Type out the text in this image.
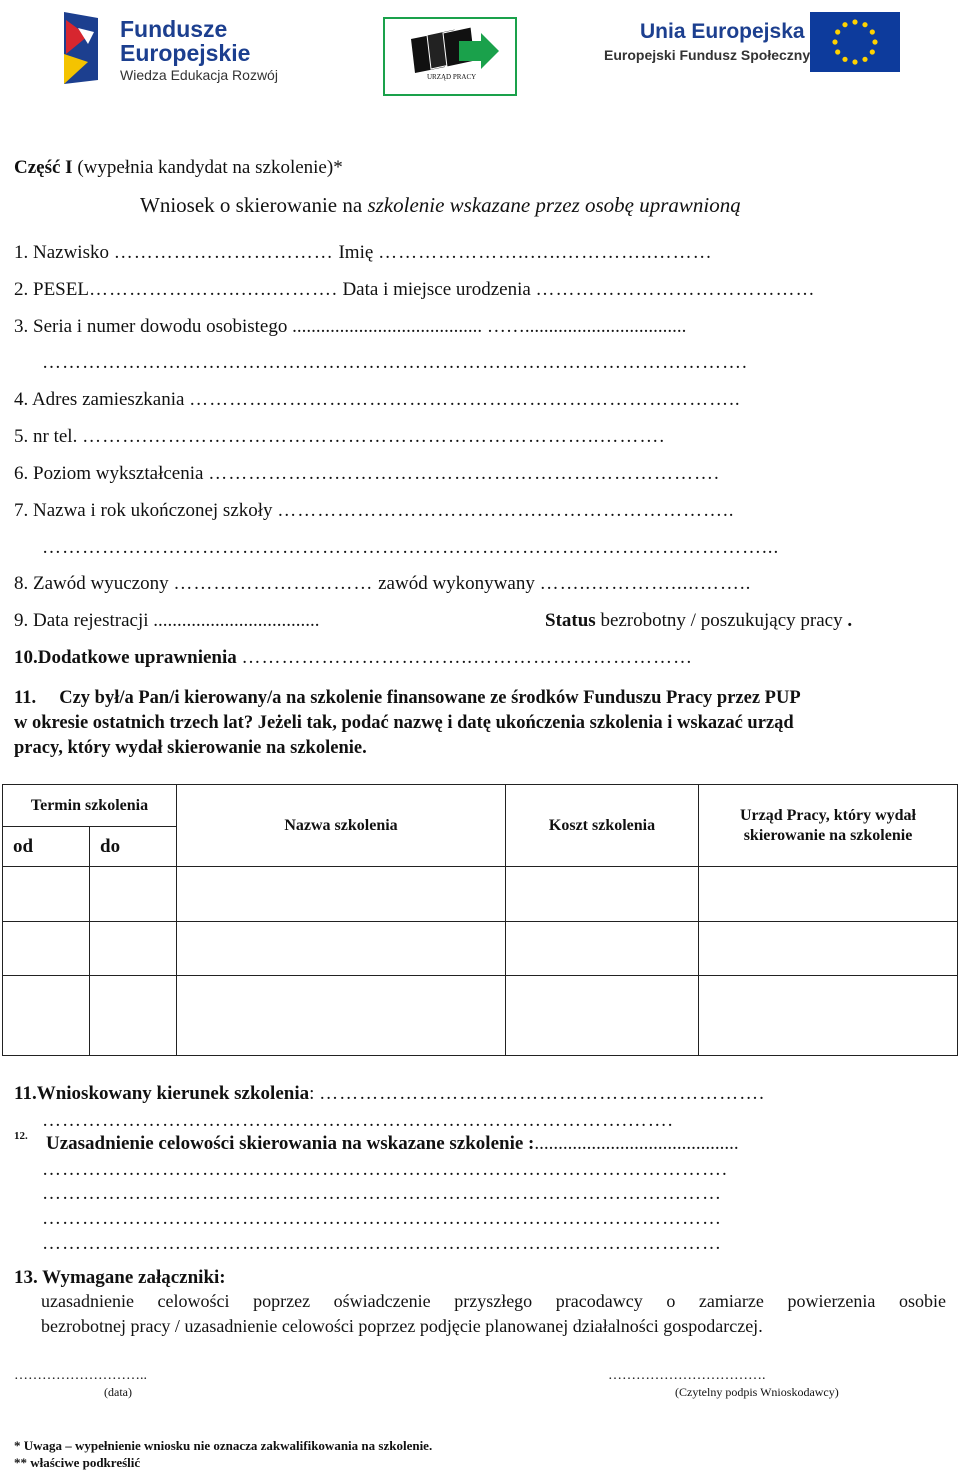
Fundusze
Europejskie
Wiedza Edukacja Rozwój	URZĄD PRACY
Unia Europejska
Europejski Fundusz Społeczny
Część I (wypełnia kandydat na szkolenie)*
Wniosek o skierowanie na szkolenie wskazane przez osobę uprawnioną
1. Nazwisko …………………………… Imię …………………..…..…………..………
2. PESEL…………………..…..………. Data i miejsce urodzenia ……………………………………
3. Seria i numer dowodu osobistego ........................................ ……..................................
…………………………………………………………………………………………….
4. Adres zamieszkania ………………………………………………………………………..
5. nr tel. ……….…………………………………………………………..……….
6. Poziom wykształcenia ……………….………………………………………………….
7. Nazwa i rok ukończonej szkoły ………………………………….………………………..
………………………………………………………………………………………………...
8. Zawód wyuczony ………………………… zawód wykonywany ……..………….....……..
9. Data rejestracji ...................................	Status bezrobotny / poszukujący pracy .
10.Dodatkowe uprawnienia ……………………………..……………………………
11. Czy był/a Pan/i kierowany/a na szkolenie finansowane ze środków Funduszu Pracy przez PUP
w okresie ostatnich trzech lat? Jeżeli tak, podać nazwę i datę ukończenia szkolenia i wskazać urząd
pracy, który wydał skierowanie na szkolenie.
Termin szkolenia		Nazwa szkolenia	Koszt szkolenia	Urząd Pracy, który wydał
skierowanie na szkolenie

od	do			

11.Wnioskowany kierunek szkolenia: ………………………………………………………….
…………………………………………………………………………….…….
12. Uzasadnienie celowości skierowania na wskazane szkolenie :...........................................
………………………………………………………………………………………….
…………………………………………………………………………………………
…………………………………………………………………………………………
…………………………………………………………………………………………
13. Wymagane załączniki:
uzasadnienie celowości poprzez oświadczenie przyszłego pracodawcy o zamiarze powierzenia osobie
bezrobotnej pracy / uzasadnienie celowości poprzez podjęcie planowanej działalności gospodarczej.
………………………..
(data)
…………………………….
(Czytelny podpis Wnioskodawcy)
* Uwaga – wypełnienie wniosku nie oznacza zakwalifikowania na szkolenie.
** właściwe podkreślić
